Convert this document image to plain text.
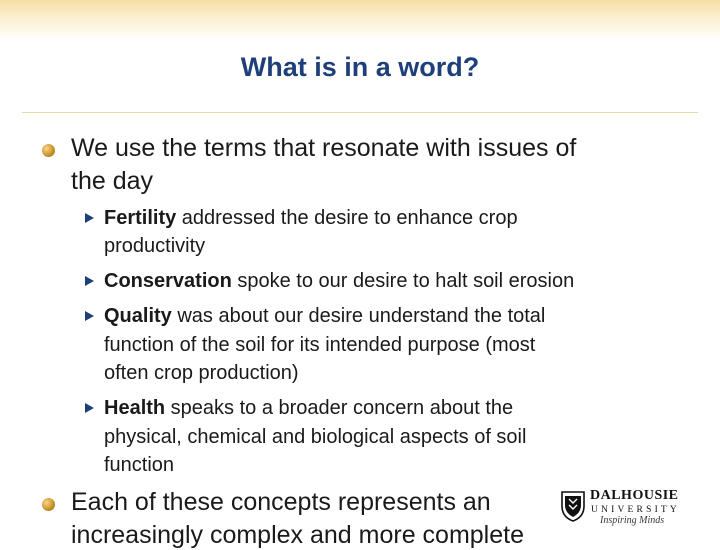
What is in a word?
We use the terms that resonate with issues of
the day
Fertility addressed the desire to enhance crop
productivity
Conservation spoke to our desire to halt soil erosion
Quality was about our desire understand the total
function of the soil for its intended purpose (most
often crop production)
Health speaks to a broader concern about the
physical, chemical and biological aspects of soil
function
Each of these concepts represents an
increasingly complex and more complete
DALHOUSIE
UNIVERSITY
Inspiring Minds
